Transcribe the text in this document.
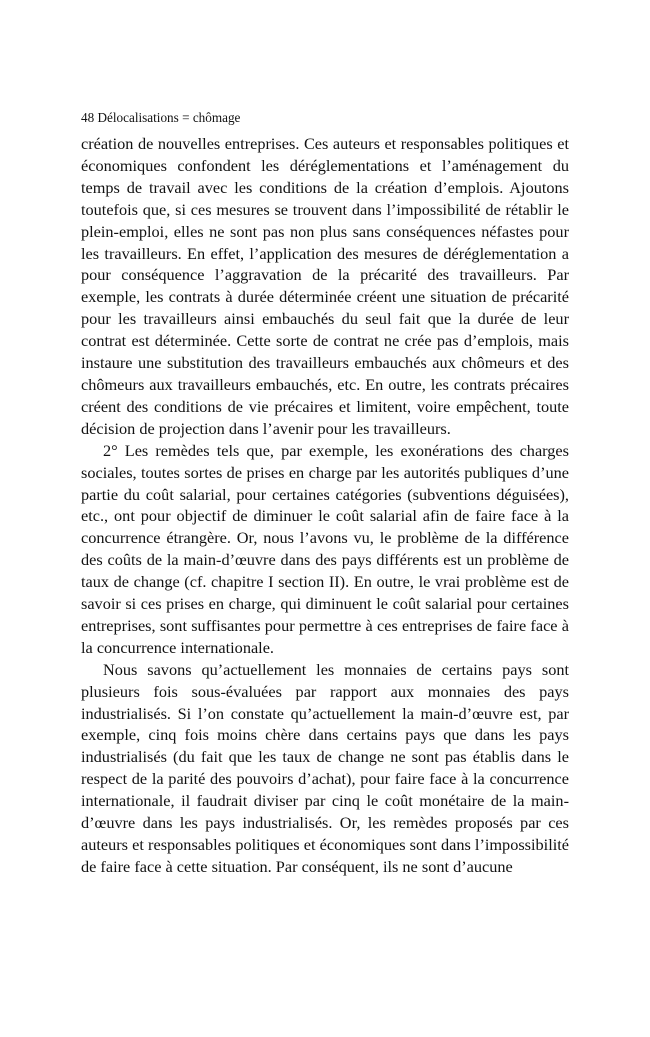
48 Délocalisations = chômage

création de nouvelles entreprises. Ces auteurs et responsables politiques et économiques confondent les déréglementations et l’aménagement du temps de travail avec les conditions de la création d’emplois. Ajoutons toutefois que, si ces mesures se trouvent dans l’impossibilité de rétablir le plein-emploi, elles ne sont pas non plus sans conséquences néfastes pour les travailleurs. En effet, l’application des mesures de déréglementation a pour conséquence l’aggravation de la précarité des travailleurs. Par exemple, les contrats à durée déterminée créent une situation de précarité pour les travailleurs ainsi embauchés du seul fait que la durée de leur contrat est déterminée. Cette sorte de contrat ne crée pas d’emplois, mais instaure une substitution des travailleurs embauchés aux chômeurs et des chômeurs aux travailleurs embauchés, etc. En outre, les contrats précaires créent des conditions de vie précaires et limitent, voire empêchent, toute décision de projection dans l’avenir pour les travailleurs.

2° Les remèdes tels que, par exemple, les exonérations des charges sociales, toutes sortes de prises en charge par les autorités publiques d’une partie du coût salarial, pour certaines catégories (subventions déguisées), etc., ont pour objectif de diminuer le coût salarial afin de faire face à la concurrence étrangère. Or, nous l’avons vu, le problème de la différence des coûts de la main-d’œuvre dans des pays différents est un problème de taux de change (cf. chapitre I section II). En outre, le vrai problème est de savoir si ces prises en charge, qui diminuent le coût salarial pour certaines entreprises, sont suffisantes pour permettre à ces entreprises de faire face à la concurrence internationale.

Nous savons qu’actuellement les monnaies de certains pays sont plusieurs fois sous-évaluées par rapport aux monnaies des pays industrialisés. Si l’on constate qu’actuellement la main-d’œuvre est, par exemple, cinq fois moins chère dans certains pays que dans les pays industrialisés (du fait que les taux de change ne sont pas établis dans le respect de la parité des pouvoirs d’achat), pour faire face à la concurrence internationale, il faudrait diviser par cinq le coût monétaire de la main-d’œuvre dans les pays industrialisés. Or, les remèdes proposés par ces auteurs et responsables politiques et économiques sont dans l’impossibilité de faire face à cette situation. Par conséquent, ils ne sont d’aucune
